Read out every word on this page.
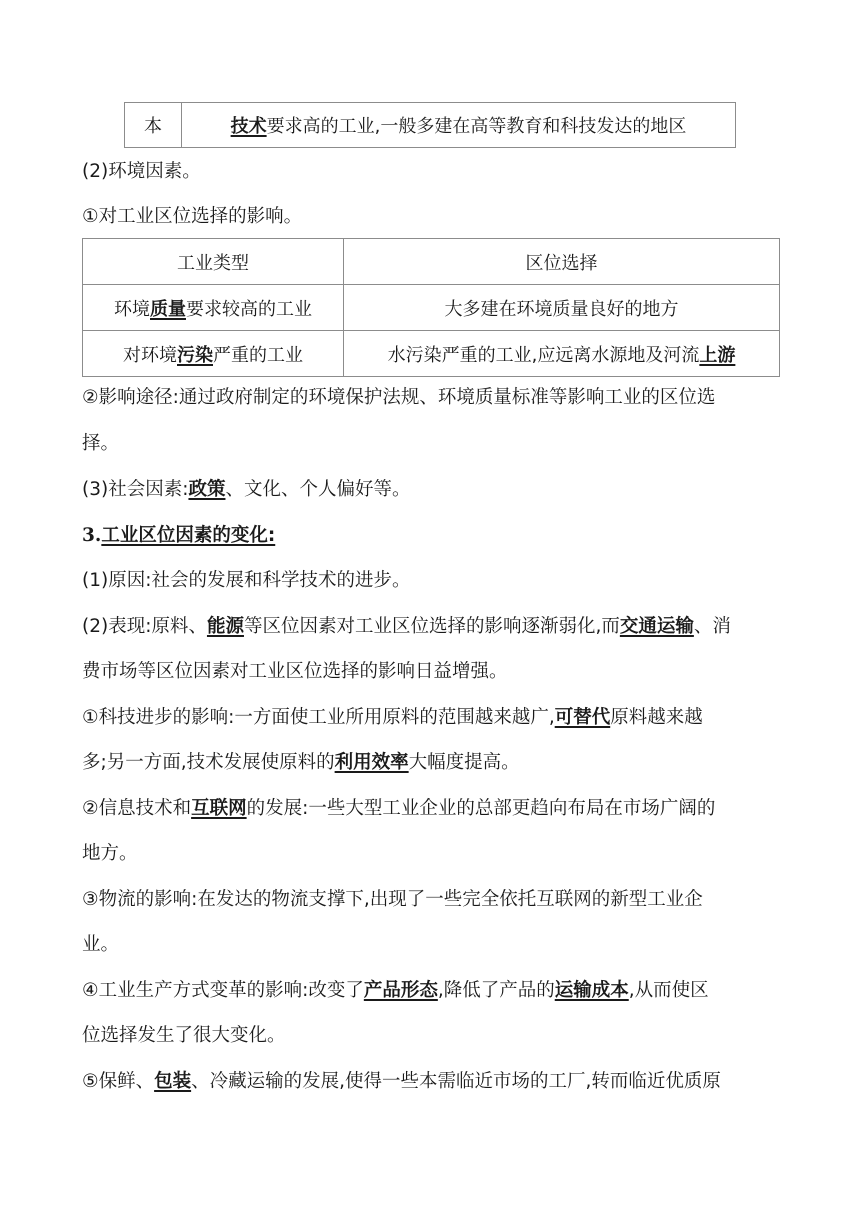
本	技术要求高的工业,一般多建在高等教育和科技发达的地区
(2)环境因素。
①对工业区位选择的影响。
工业类型	区位选择
环境质量要求较高的工业	大多建在环境质量良好的地方
对环境污染严重的工业	水污染严重的工业,应远离水源地及河流上游
②影响途径:通过政府制定的环境保护法规、环境质量标准等影响工业的区位选
择。
(3)社会因素:政策、文化、个人偏好等。
3.工业区位因素的变化:
(1)原因:社会的发展和科学技术的进步。
(2)表现:原料、能源等区位因素对工业区位选择的影响逐渐弱化,而交通运输、消
费市场等区位因素对工业区位选择的影响日益增强。
①科技进步的影响:一方面使工业所用原料的范围越来越广,可替代原料越来越
多;另一方面,技术发展使原料的利用效率大幅度提高。
②信息技术和互联网的发展:一些大型工业企业的总部更趋向布局在市场广阔的
地方。
③物流的影响:在发达的物流支撑下,出现了一些完全依托互联网的新型工业企
业。
④工业生产方式变革的影响:改变了产品形态,降低了产品的运输成本,从而使区
位选择发生了很大变化。
⑤保鲜、包装、冷藏运输的发展,使得一些本需临近市场的工厂,转而临近优质原
